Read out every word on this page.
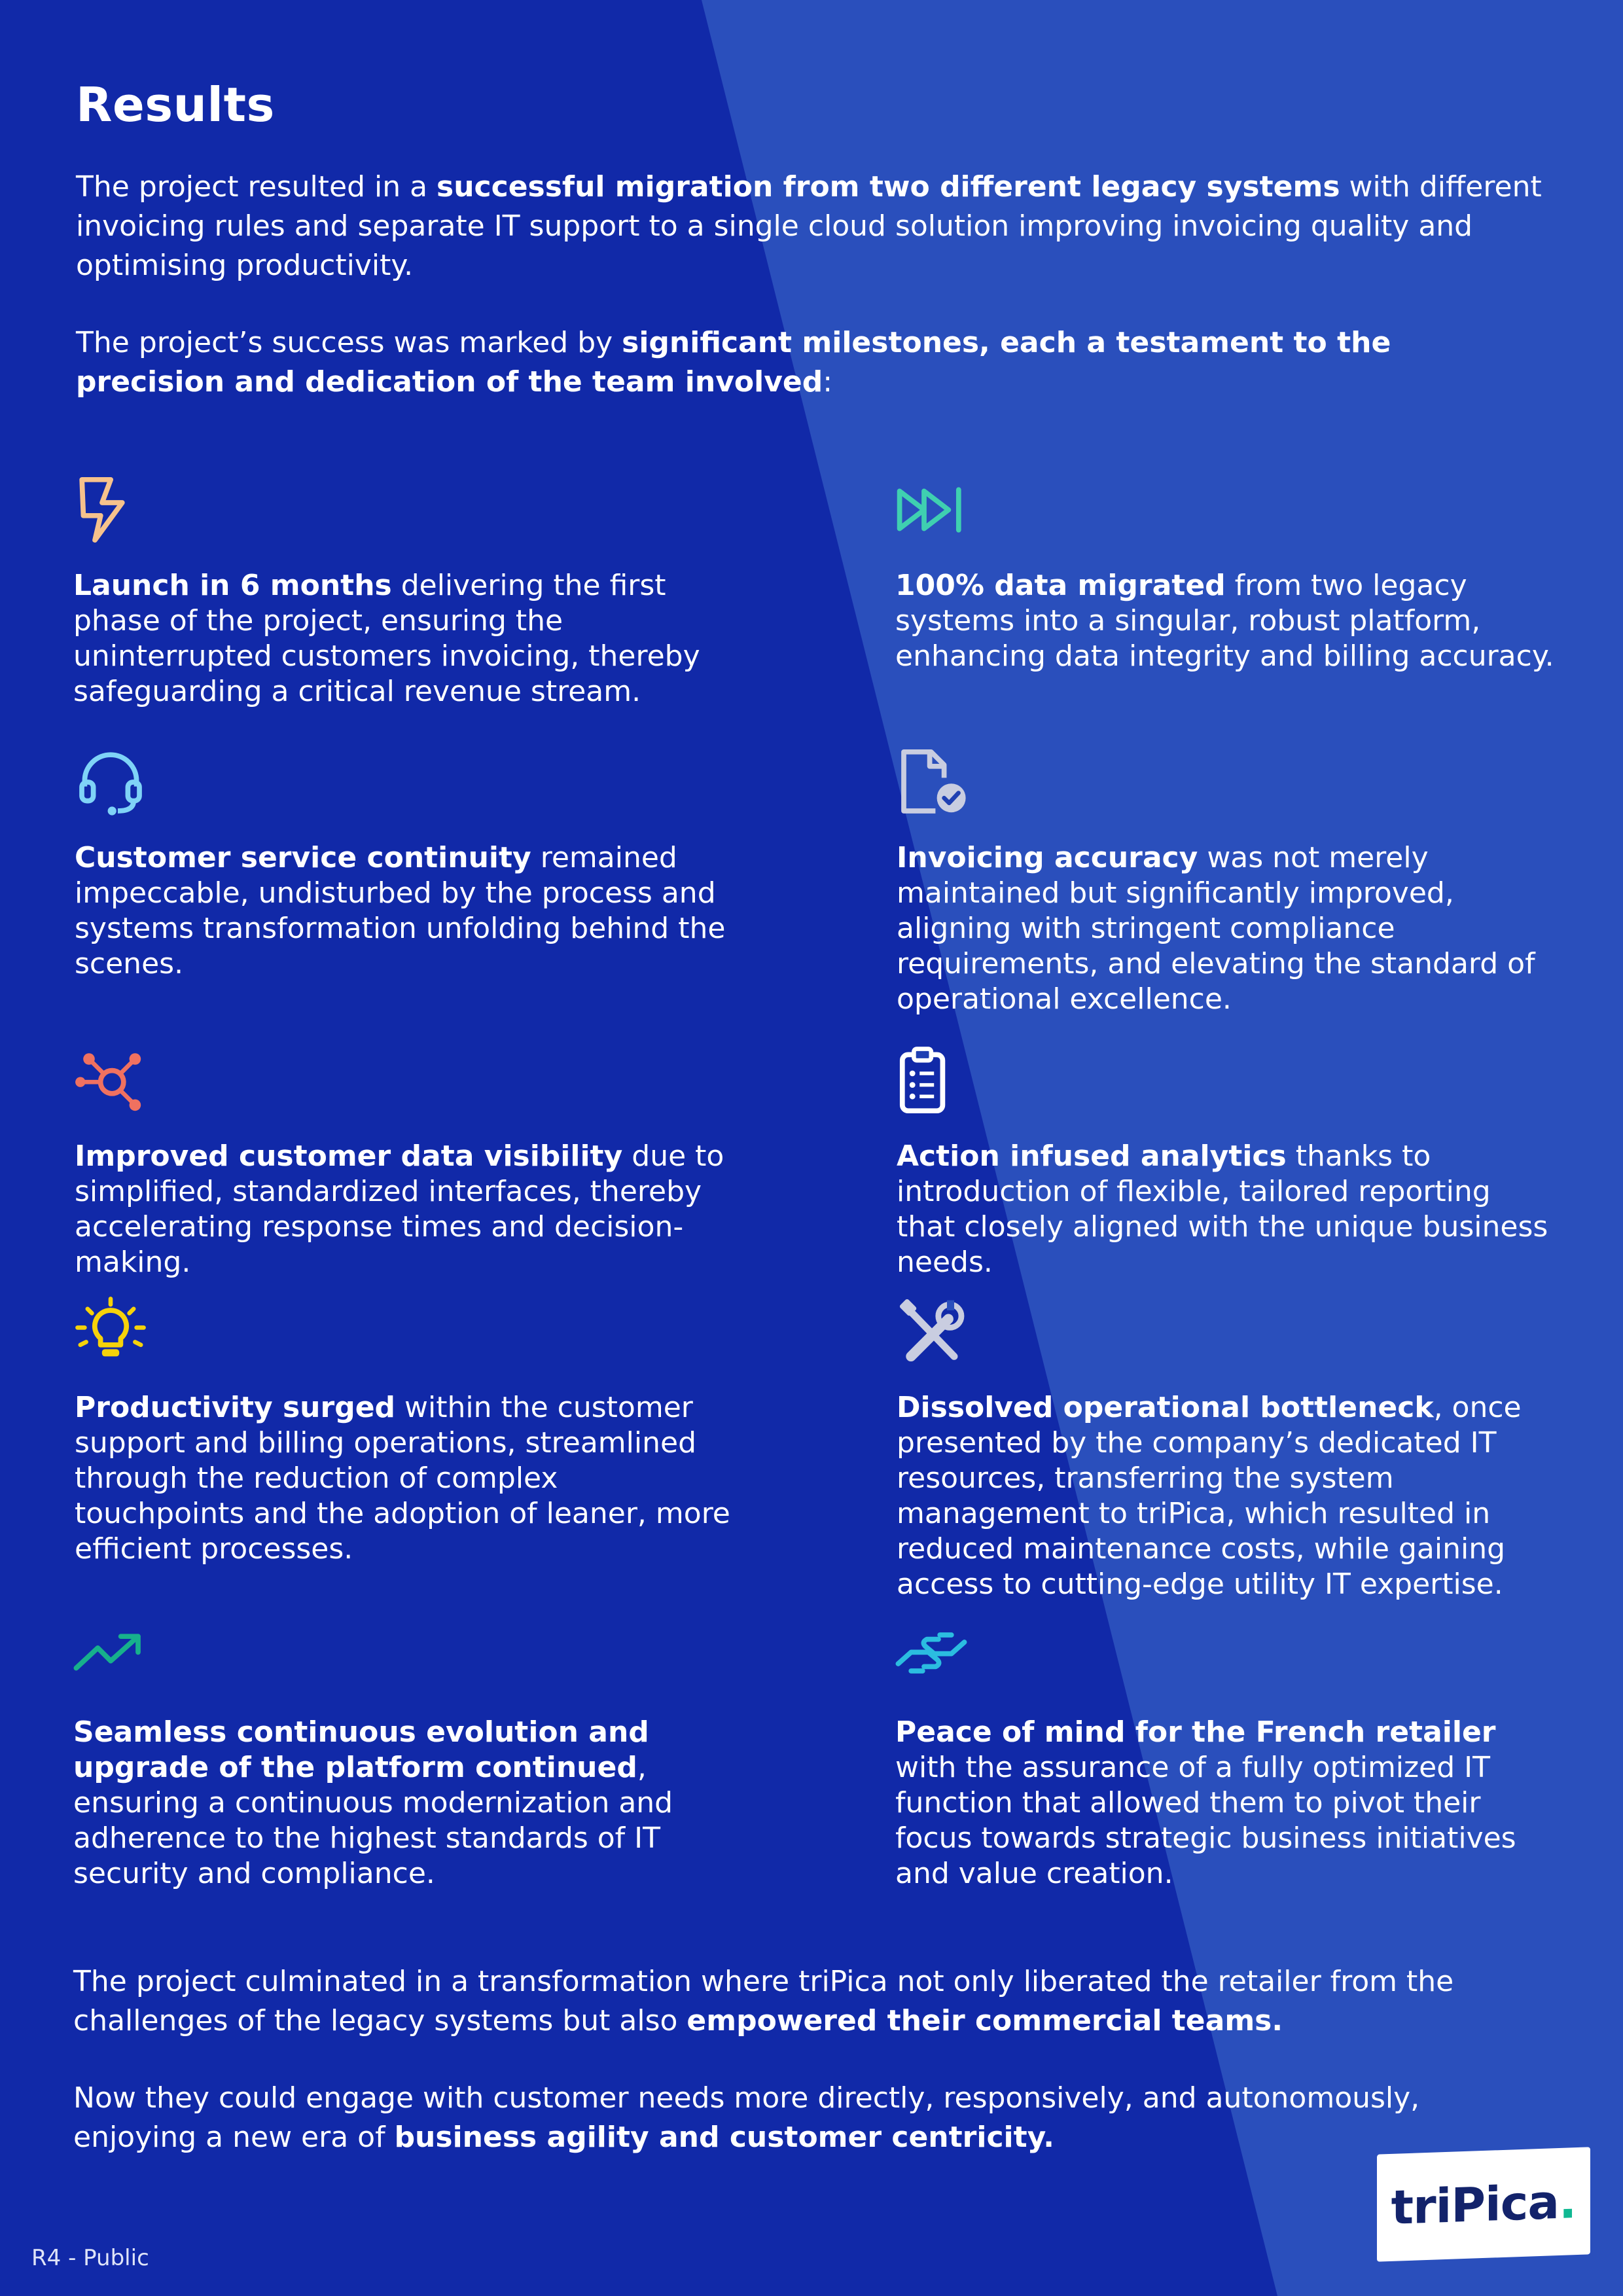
Results

The project resulted in a successful migration from two different legacy systems with different invoicing rules and separate IT support to a single cloud solution improving invoicing quality and optimising productivity.

The project’s success was marked by significant milestones, each a testament to the precision and dedication of the team involved:

Launch in 6 months delivering the first phase of the project, ensuring the uninterrupted customers invoicing, thereby safeguarding a critical revenue stream.
100% data migrated from two legacy systems into a singular, robust platform, enhancing data integrity and billing accuracy.
Customer service continuity remained impeccable, undisturbed by the process and systems transformation unfolding behind the scenes.
Invoicing accuracy was not merely maintained but significantly improved, aligning with stringent compliance requirements, and elevating the standard of operational excellence.
Improved customer data visibility due to simplified, standardized interfaces, thereby accelerating response times and decision-making.
Action infused analytics thanks to introduction of flexible, tailored reporting that closely aligned with the unique business needs.
Productivity surged within the customer support and billing operations, streamlined through the reduction of complex touchpoints and the adoption of leaner, more efficient processes.
Dissolved operational bottleneck, once presented by the company’s dedicated IT resources, transferring the system management to triPica, which resulted in reduced maintenance costs, while gaining access to cutting-edge utility IT expertise.
Seamless continuous evolution and upgrade of the platform continued, ensuring a continuous modernization and adherence to the highest standards of IT security and compliance.
Peace of mind for the French retailer with the assurance of a fully optimized IT function that allowed them to pivot their focus towards strategic business initiatives and value creation.

The project culminated in a transformation where triPica not only liberated the retailer from the challenges of the legacy systems but also empowered their commercial teams.

Now they could engage with customer needs more directly, responsively, and autonomously, enjoying a new era of business agility and customer centricity.

triPica.
R4 - Public
